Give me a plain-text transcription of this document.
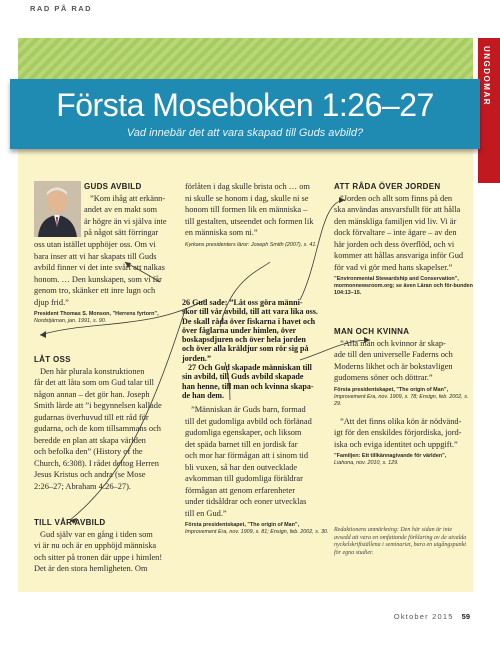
RAD PÅ RAD
UNGDOMAR
Första Moseboken 1:26–27
Vad innebär det att vara skapad till Guds avbild?

GUDS AVBILD

”Kom ihåg att erkänn-

andet av en makt som

är högre än vi själva inte

på något sätt förringar

oss utan istället upphöjer oss. Om vi

bara inser att vi har skapats till Guds

avbild finner vi det inte svårt att nalkas

honom. … Den kunskapen, som vi får

genom tro, skänker ett inre lugn och

djup frid.”

President Thomas S. Monson, ”Herrens fyrtorn”,
Nordstjärnan, jan. 1991, s. 90.

LÅT OSS

Den här plurala konstruktionen

får det att låta som om Gud talar till

någon annan – det gör han. Joseph

Smith lärde att ”i begynnelsen kallade

gudarnas överhuvud till ett råd för

gudarna, och de kom tillsammans och

beredde en plan att skapa världen

och befolka den” (History of the

Church, 6:308). I rådet deltog Herren

Jesus Kristus och andra (se Mose

2:26–27; Abraham 4:26–27).

TILL VÅR AVBILD

Gud själv var en gång i tiden som

vi är nu och är en upphöjd människa

och sitter på tronen där uppe i himlen!

Det är den stora hemligheten. Om

förlåten i dag skulle brista och … om

ni skulle se honom i dag, skulle ni se

honom till formen lik en människa –

till gestalten, utseendet och formen lik

en människa som ni.”

Kyrkans presidenters läror: Joseph Smith (2007), s. 41.

26 Gud sade: ”Låt oss göra männi-

skor till vår avbild, till att vara lika oss.

De skall råda över fiskarna i havet och

över fåglarna under himlen, över

boskapsdjuren och över hela jorden

och över alla kräldjur som rör sig på

jorden.”

27 Och Gud skapade människan till

sin avbild, till Guds avbild skapade

han henne, till man och kvinna skapa-

de han dem.

”Människan är Guds barn, formad

till det gudomliga avbild och förlänad

gudomliga egenskaper, och liksom

det späda barnet till en jordisk far

och mor har förmågan att i sinom tid

bli vuxen, så har den outvecklade

avkomman till gudomliga föräldrar

förmågan att genom erfarenheter

under tidsåldrar och eoner utvecklas

till en Gud.”

Första presidentskapet, ”The origin of Man”,
Improvement Era, nov. 1909, s. 81; Ensign, feb. 2002, s. 30.

ATT RÅDA ÖVER JORDEN

”Jorden och allt som finns på den

ska användas ansvarsfullt för att hålla

den mänskliga familjen vid liv. Vi är

dock förvaltare – inte ägare – av den

här jorden och dess överflöd, och vi

kommer att hållas ansvariga inför Gud

för vad vi gör med hans skapelser.”

”Environmental Stewardship and Conservation”,
mormonnewsroom.org; se även Läran och för-bunden 104:13–15.

MAN OCH KVINNA

”Alla män och kvinnor är skap-

ade till den universelle Faderns och

Moderns likhet och är bokstavligen

gudomens söner och döttrar.”

Första presidentskapet, ”The origin of Man”,
Improvement Era, nov. 1909, s. 78; Ensign, feb. 2002, s. 29.

”Att det finns olika kön är nödvänd-

igt för den enskildes förjordiska, jord-

iska och eviga identitet och uppgift.”

”Familjen: Ett tillkännagivande för världen”,
Liahona, nov. 2010, s. 129.
Redaktionens anmärkning: Den här sidan är inte avsedd att vara en omfattande förklaring av de utvalda nyckelskriftställena i seminariet, bara en utgångspunkt för egna studier.
Oktober 2015 59
